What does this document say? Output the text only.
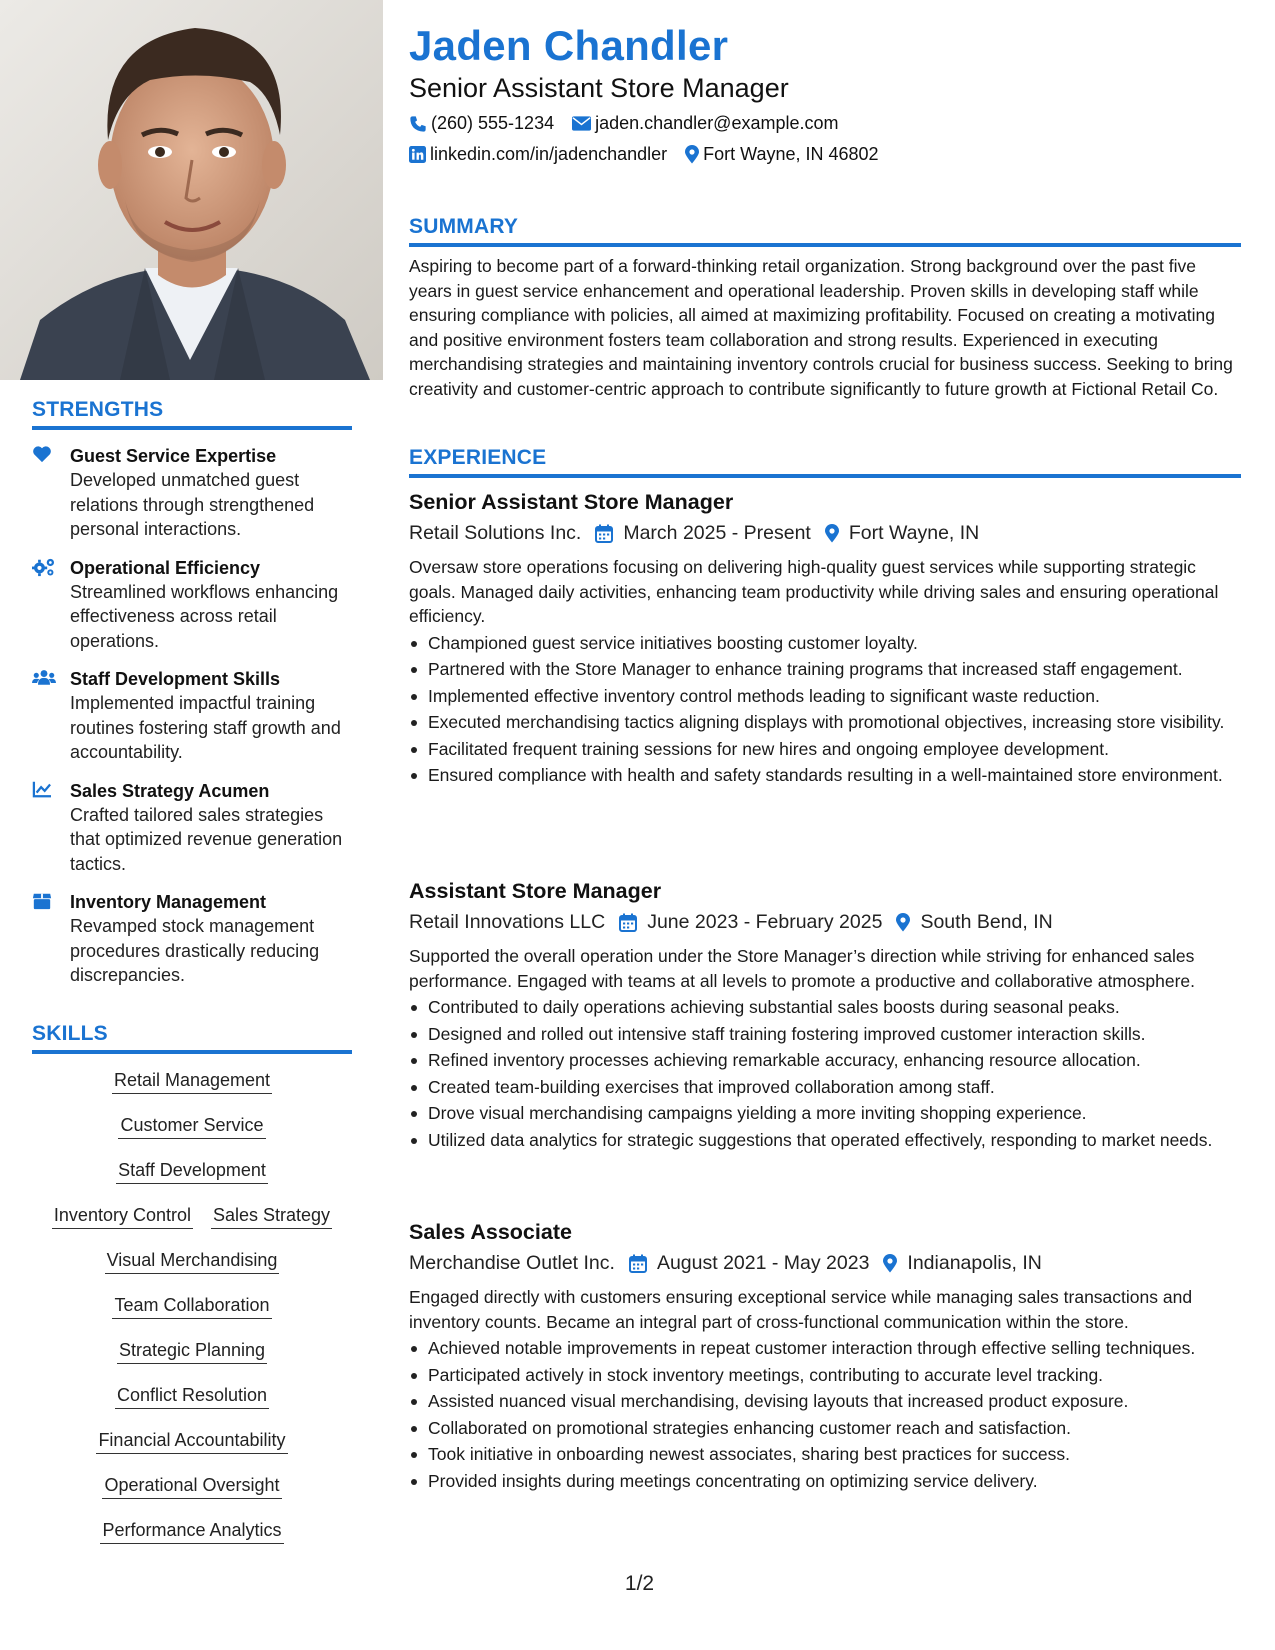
STRENGTHS
Guest Service Expertise
Developed unmatched guest relations through strengthened personal interactions.
Operational Efficiency
Streamlined workflows enhancing effectiveness across retail operations.
Staff Development Skills
Implemented impactful training routines fostering staff growth and accountability.
Sales Strategy Acumen
Crafted tailored sales strategies that optimized revenue generation tactics.
Inventory Management
Revamped stock management procedures drastically reducing discrepancies.
SKILLS
Retail Management
Customer Service
Staff Development
Inventory Control Sales Strategy
Visual Merchandising
Team Collaboration
Strategic Planning
Conflict Resolution
Financial Accountability
Operational Oversight
Performance Analytics
Jaden Chandler
Senior Assistant Store Manager
(260) 555-1234 jaden.chandler@example.com
linkedin.com/in/jadenchandler Fort Wayne, IN 46802
SUMMARY
Aspiring to become part of a forward-thinking retail organization. Strong background over the past five years in guest service enhancement and operational leadership. Proven skills in developing staff while ensuring compliance with policies, all aimed at maximizing profitability. Focused on creating a motivating and positive environment fosters team collaboration and strong results. Experienced in executing merchandising strategies and maintaining inventory controls crucial for business success. Seeking to bring creativity and customer-centric approach to contribute significantly to future growth at Fictional Retail Co.
EXPERIENCE
Senior Assistant Store Manager
Retail Solutions Inc. March 2025 - Present Fort Wayne, IN
Oversaw store operations focusing on delivering high-quality guest services while supporting strategic goals. Managed daily activities, enhancing team productivity while driving sales and ensuring operational efficiency.
Championed guest service initiatives boosting customer loyalty.
Partnered with the Store Manager to enhance training programs that increased staff engagement.
Implemented effective inventory control methods leading to significant waste reduction.
Executed merchandising tactics aligning displays with promotional objectives, increasing store visibility.
Facilitated frequent training sessions for new hires and ongoing employee development.
Ensured compliance with health and safety standards resulting in a well-maintained store environment.
Assistant Store Manager
Retail Innovations LLC June 2023 - February 2025 South Bend, IN
Supported the overall operation under the Store Manager’s direction while striving for enhanced sales performance. Engaged with teams at all levels to promote a productive and collaborative atmosphere.
Contributed to daily operations achieving substantial sales boosts during seasonal peaks.
Designed and rolled out intensive staff training fostering improved customer interaction skills.
Refined inventory processes achieving remarkable accuracy, enhancing resource allocation.
Created team-building exercises that improved collaboration among staff.
Drove visual merchandising campaigns yielding a more inviting shopping experience.
Utilized data analytics for strategic suggestions that operated effectively, responding to market needs.
Sales Associate
Merchandise Outlet Inc. August 2021 - May 2023 Indianapolis, IN
Engaged directly with customers ensuring exceptional service while managing sales transactions and inventory counts. Became an integral part of cross-functional communication within the store.
Achieved notable improvements in repeat customer interaction through effective selling techniques.
Participated actively in stock inventory meetings, contributing to accurate level tracking.
Assisted nuanced visual merchandising, devising layouts that increased product exposure.
Collaborated on promotional strategies enhancing customer reach and satisfaction.
Took initiative in onboarding newest associates, sharing best practices for success.
Provided insights during meetings concentrating on optimizing service delivery.
1/2
